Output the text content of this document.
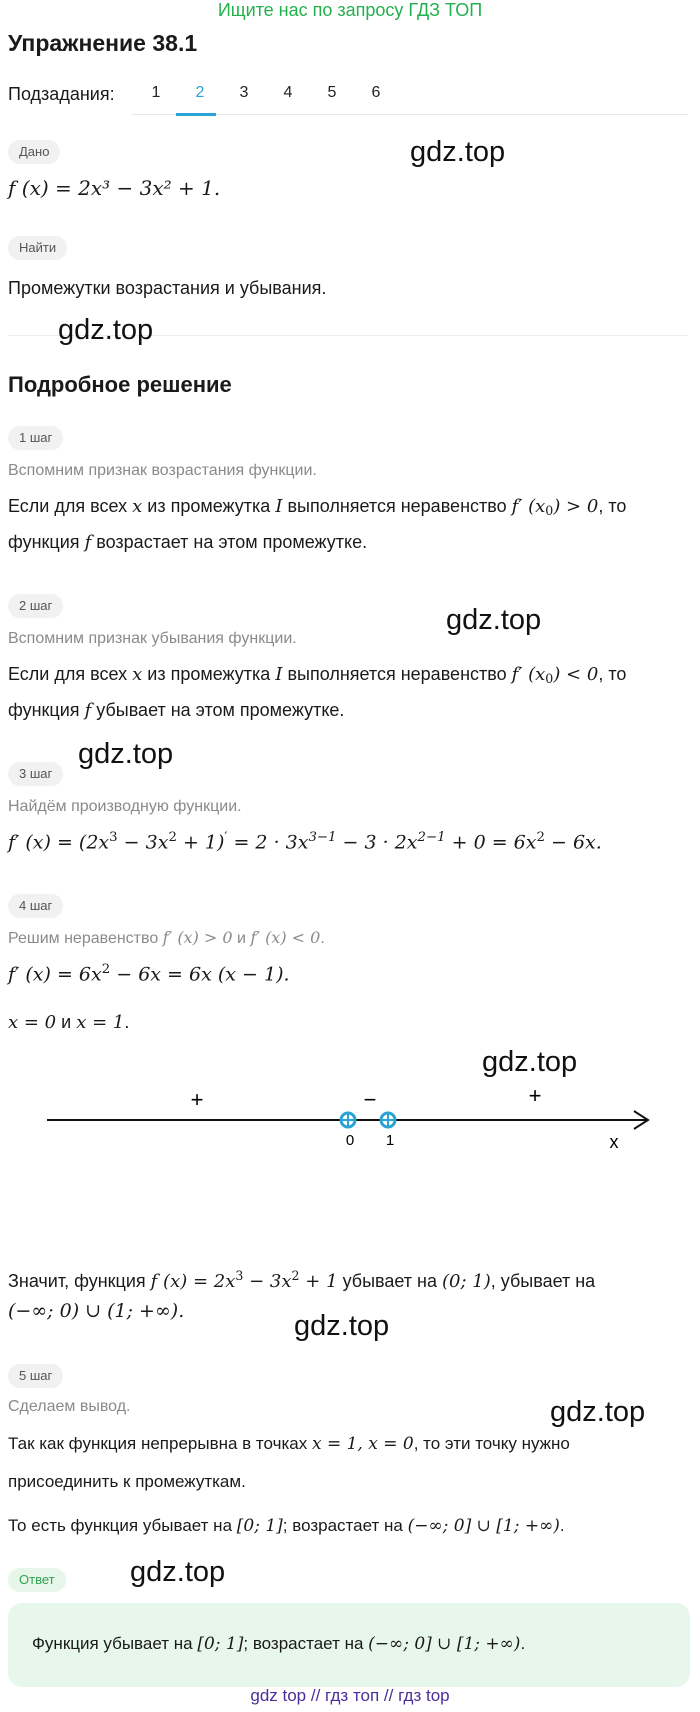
Ищите нас по запросу ГДЗ ТОП
Упражнение 38.1
Подзадания:	1	2	3	4	5	6
Дано
f (x) = 2x³ − 3x² + 1.
Найти
Промежутки возрастания и убывания.
gdz.top
gdz.top
gdz.top
gdz.top
gdz.top
gdz.top
gdz.top
gdz.top
Подробное решение
1 шаг
Вспомним признак возрастания функции.
Если для всех x из промежутка I выполняется неравенство f′ $(x_0) > 0$, то
функция f возрастает на этом промежутке.
2 шаг
Вспомним признак убывания функции.
Если для всех x из промежутка I выполняется неравенство f′ $(x_0) < 0$, то
функция f убывает на этом промежутке.
3 шаг
Найдём производную функции.
f′ $(x) = (2x^3 - 3x^2 + 1)' = 2 \cdot 3x^{3-1} - 3 \cdot 2x^{2-1} + 0 = 6x^2 - 6x$.
4 шаг
Решим неравенство f′ (x) > 0 и f′ (x) < 0.
f′ $(x) = 6x^2 - 6x = 6x$ (x − 1).
x = 0 и x = 1.
+	−	+
0 1	x
Значит, функция f $(x) = 2x^3 - 3x^2 + 1$ убывает на (0; 1), убывает на
(−∞; 0) ∪ (1; +∞).
5 шаг
Сделаем вывод.
Так как функция непрерывна в точках x = 1, x = 0, то эти точку нужно
присоединить к промежуткам.
То есть функция убывает на [0; 1]; возрастает на (−∞; 0] ∪ [1; +∞).
Ответ
Функция убывает на [0; 1]; возрастает на (−∞; 0] ∪ [1; +∞).
gdz top // гдз топ // гдз top
